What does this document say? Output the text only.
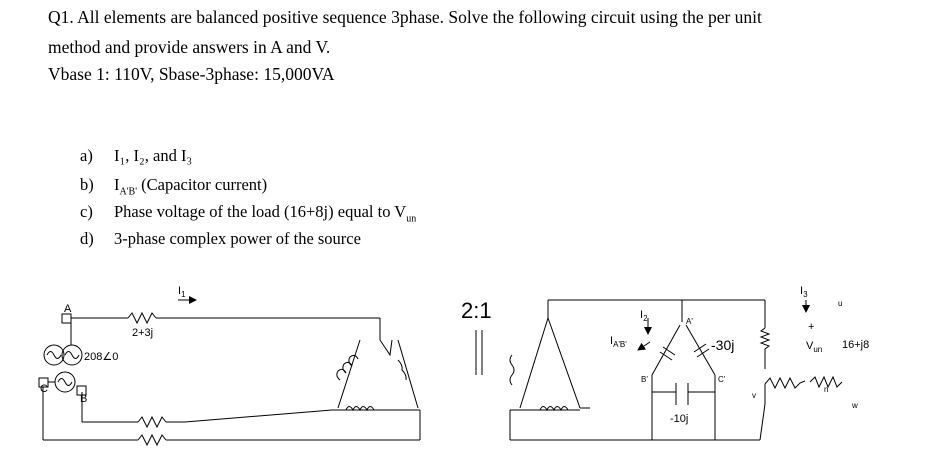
Q1. All elements are balanced positive sequence 3phase. Solve the following circuit using the per unit
method and provide answers in A and V.
Vbase 1: 110V, Sbase-3phase: 15,000VA
a) I₁, I₂, and I₃
b) $I_{A'B'}$ (Capacitor current)
c) Phase voltage of the load (16+8j) equal to $V_{un}$
d) 3-phase complex power of the source
A
B
C
208∠0
2+3j
$I_1$
2:1	$I_2$
$I_{A'B'}$
A'
B'	C'
-30j
-10j
$I_3$
u
v
w
n
+
$V_{un}$ 16+j8
